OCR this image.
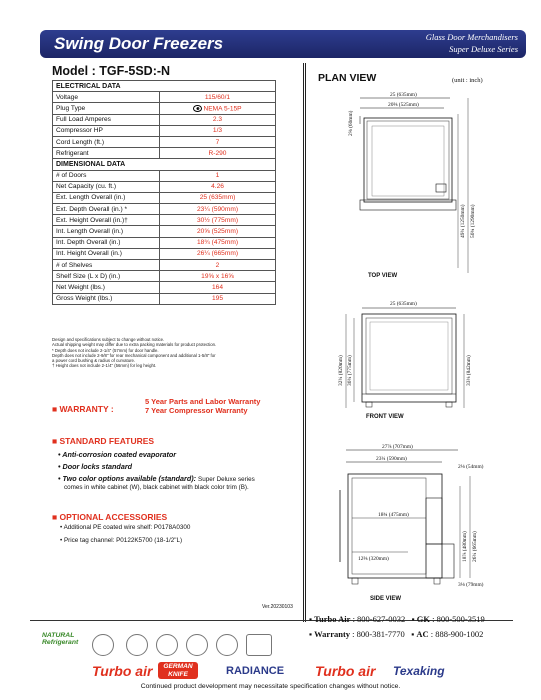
Swing Door Freezers	Glass Door Merchandisers
Super Deluxe Series
Model : TGF-5SD:-N
ELECTRICAL DATA	
Voltage	115/60/1
Plug Type	⚈ NEMA 5-15P
Full Load Amperes	2.3
Compressor HP	1/3
Cord Length (ft.)	7
Refrigerant	R-290
DIMENSIONAL DATA	
# of Doors	1
Net Capacity (cu. ft.)	4.26
Ext. Length Overall (in.)	25 (635mm)
Ext. Depth Overall (in.) *	23¼ (590mm)
Ext. Height Overall (in.)†	30½ (775mm)
Int. Length Overall (in.)	20⅝ (525mm)
Int. Depth Overall (in.)	18¾ (475mm)
Int. Height Overall (in.)	26¼ (665mm)
# of Shelves	2
Shelf Size (L x D) (in.)	19⅝ x 16⅝
Net Weight (lbs.)	164
Gross Weight (lbs.)	195
Design and specifications subject to change without notice.
Actual shipping weight may differ due to extra packing materials for product protection.
* Depth does not include 2-1/4" (57mm) for door handle.
Depth does not include 2-9/8" for rear mechanical component and additional 1-5/8" for
a power cord bushing & radius of curvature.
† Height does not include 2-1/4" (56mm) for leg height.
■ WARRANTY :
5 Year Parts and Labor Warranty
7 Year Compressor Warranty
■ STANDARD FEATURES
• Anti-corrosion coated evaporator
• Door locks standard
• Two color options available (standard): Super Deluxe series
comes in white cabinet (W), black cabinet with black color trim (B).
■ OPTIONAL ACCESSORIES
• Additional PE coated wire shelf: P0178A0300
• Price tag channel: P0122K5700 (18-1/2"L)
Ver.20230103
PLAN VIEW	(unit : inch)
25 (635mm)
20⅝ (525mm)
2⅜ (60mm)
49¼ (1250mm) 50¾ (1290mm)
TOP VIEW
25 (635mm)
32¼ (820mm) 30¼ (775mm)	33⅛ (842mm)
FRONT VIEW
27⅞ (707mm)
23¼ (590mm)
2⅛ (54mm)
18¾ (475mm)
12⅝ (320mm)	18⅞ (480mm) 26¼ (665mm)
3⅛ (79mm)
SIDE VIEW
▪ Turbo Air : 800-627-0032   ▪ GK : 800-500-3519
▪ Warranty : 800-381-7770   ▪ AC : 888-900-1002
NATURAL
Refrigerant
Turbo air	GERMAN KNIFE	RADIANCE Turbo air Texaking
Continued product development may necessitate specification changes without notice.
